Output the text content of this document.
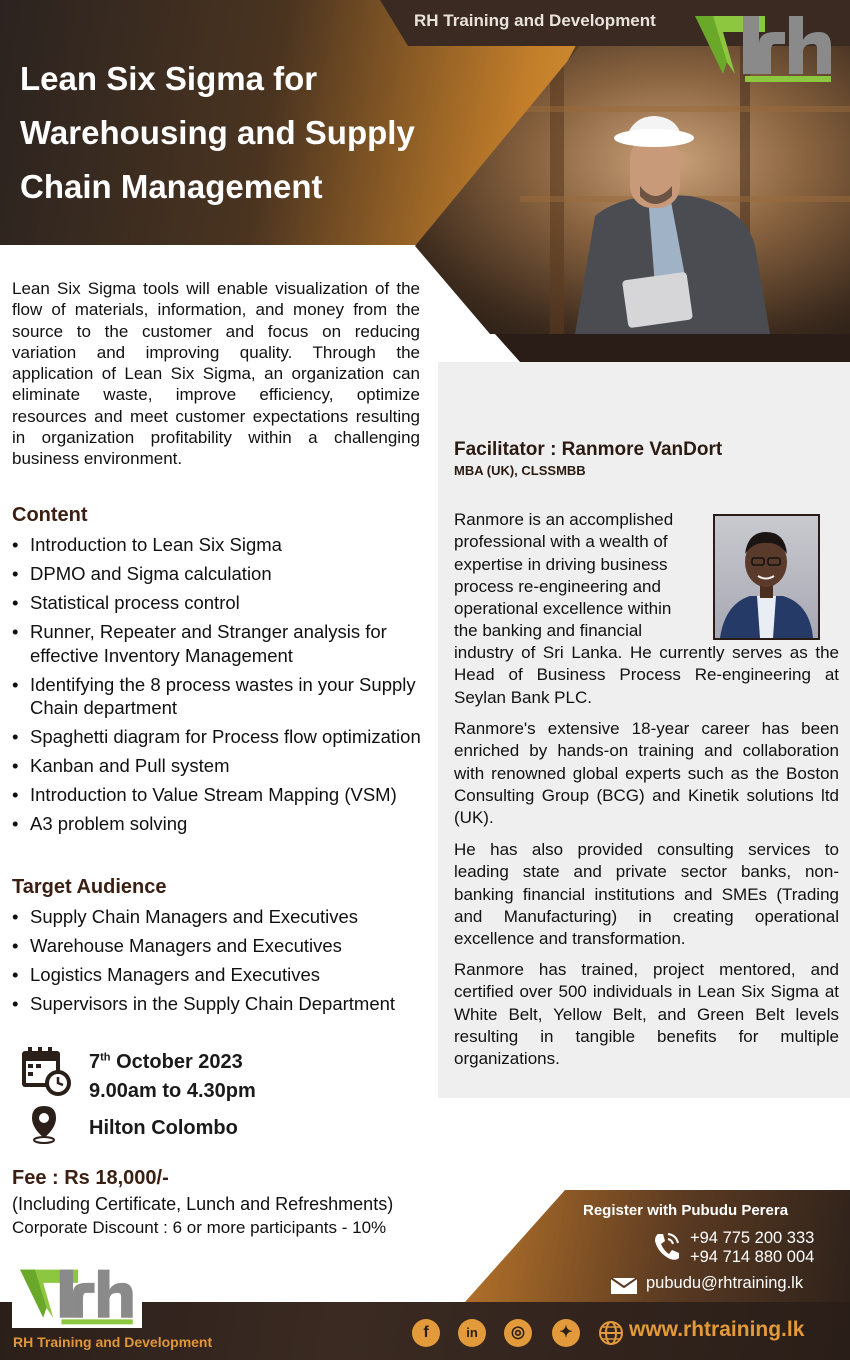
RH Training and Development
Lean Six Sigma for
Warehousing and Supply
Chain Management
Lean Six Sigma tools will enable visualization of the flow of materials, information, and money from the source to the customer and focus on reducing variation and improving quality. Through the application of Lean Six Sigma, an organization can eliminate waste, improve efficiency, optimize resources and meet customer expectations resulting in organization profitability within a challenging business environment.
Content
• Introduction to Lean Six Sigma
• DPMO and Sigma calculation
• Statistical process control
• Runner, Repeater and Stranger analysis for effective Inventory Management
• Identifying the 8 process wastes in your Supply Chain department
• Spaghetti diagram for Process flow optimization
• Kanban and Pull system
• Introduction to Value Stream Mapping (VSM)
• A3 problem solving
Target Audience
• Supply Chain Managers and Executives
• Warehouse Managers and Executives
• Logistics Managers and Executives
• Supervisors in the Supply Chain Department
Facilitator : Ranmore VanDort
MBA (UK), CLSSMBB
Ranmore is an accomplished professional with a wealth of expertise in driving business process re-engineering and operational excellence within the banking and financial
industry of Sri Lanka. He currently serves as the Head of Business Process Re-engineering at Seylan Bank PLC.
Ranmore's extensive 18-year career has been enriched by hands-on training and collaboration with renowned global experts such as the Boston Consulting Group (BCG) and Kinetik solutions ltd (UK).
He has also provided consulting services to leading state and private sector banks, non-banking financial institutions and SMEs (Trading and Manufacturing) in creating operational excellence and transformation.
Ranmore has trained, project mentored, and certified over 500 individuals in Lean Six Sigma at White Belt, Yellow Belt, and Green Belt levels resulting in tangible benefits for multiple organizations.
7th October 2023
9.00am to 4.30pm
Hilton Colombo
Fee : Rs 18,000/-
(Including Certificate, Lunch and Refreshments)
Corporate Discount : 6 or more participants - 10%
Register with Pubudu Perera
+94 775 200 333
+94 714 880 004
pubudu@rhtraining.lk
RH Training and Development
f	in	◎	✦	www.rhtraining.lk
